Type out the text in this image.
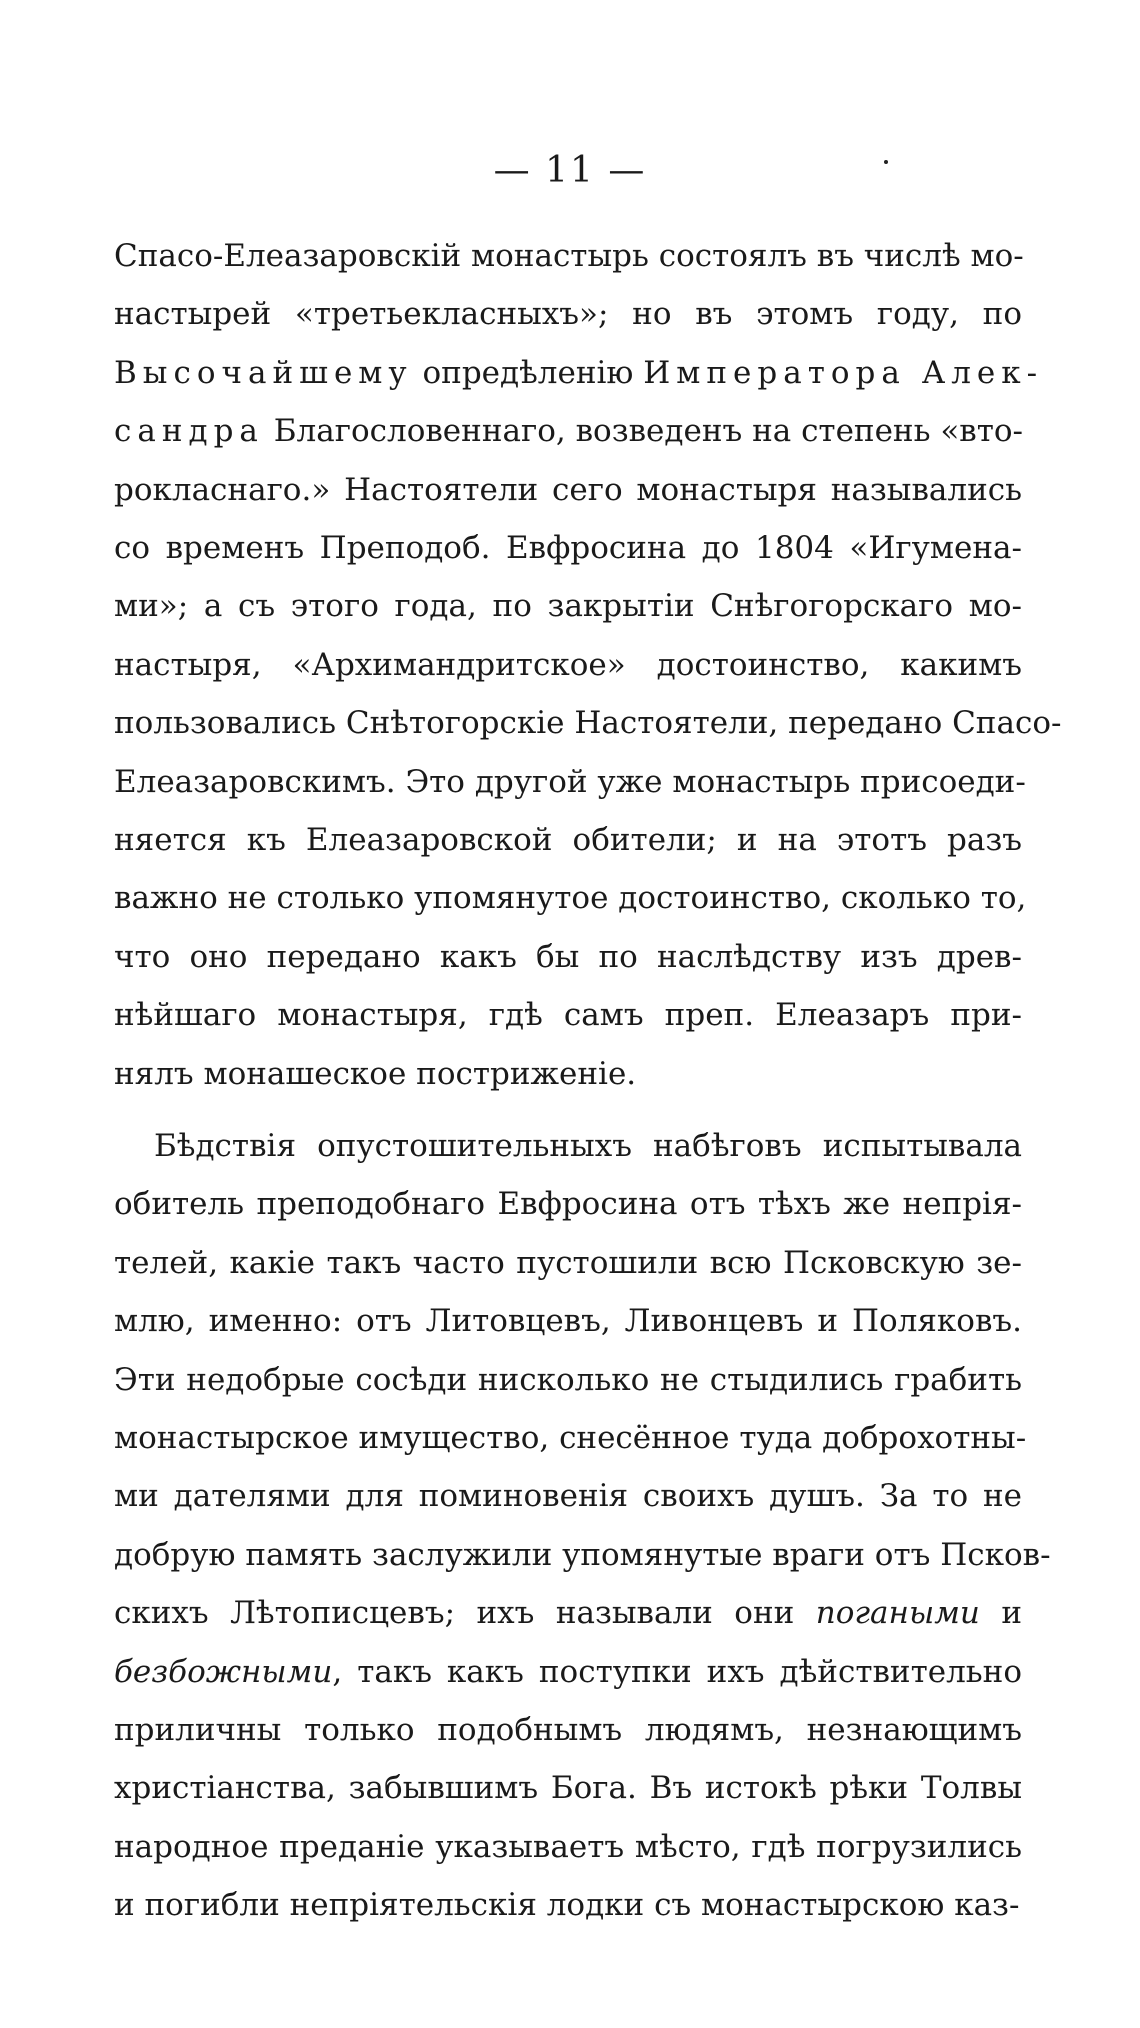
— 11 —
Спасо-Елеазаровскій монастырь состоялъ въ числѣ мо-
настырей «третьекласныхъ»; но въ этомъ году, по
Высочайшему опредѣленію Императора Алек-
сандра Благословеннаго, возведенъ на степень «вто-
роклаcнаго.» Настоятели сего монастыря назывались
со временъ Преподоб. Евфросина до 1804 «Игумена-
ми»; а съ этого года, по закрытіи Снѣгогорскаго мо-
настыря, «Архимандритское» достоинство, какимъ
пользовались Снѣтогорскіе Настоятели, передано Спасо-
Елеазаровскимъ. Это другой уже монастырь присоеди-
няется къ Елеазаровской обители; и на этотъ разъ
важно не столько упомянутое достоинство, сколько то,
что оно передано какъ бы по наслѣдству изъ древ-
нѣйшаго монастыря, гдѣ самъ преп. Елеазаръ при-
нялъ монашеское постриженіе.
Бѣдствія опустошительныхъ набѣговъ испытывала
обитель преподобнаго Евфросина отъ тѣхъ же непрія-
телей, какіе такъ часто пустошили всю Псковскую зе-
млю, именно: отъ Литовцевъ, Ливонцевъ и Поляковъ.
Эти недобрые сосѣди нисколько не стыдились грабить
монастырское имущество, снесённое туда доброхотны-
ми дателями для поминовенія своихъ душъ. За то не
добрую память заслужили упомянутые враги отъ Псков-
скихъ Лѣтописцевъ; ихъ называли они погаными и
безбожными, такъ какъ поступки ихъ дѣйствительно
приличны только подобнымъ людямъ, незнающимъ
христіанства, забывшимъ Бога. Въ истокѣ рѣки Толвы
народное преданіе указываетъ мѣсто, гдѣ погрузились
и погибли непріятельскія лодки съ монастырскою каз-
